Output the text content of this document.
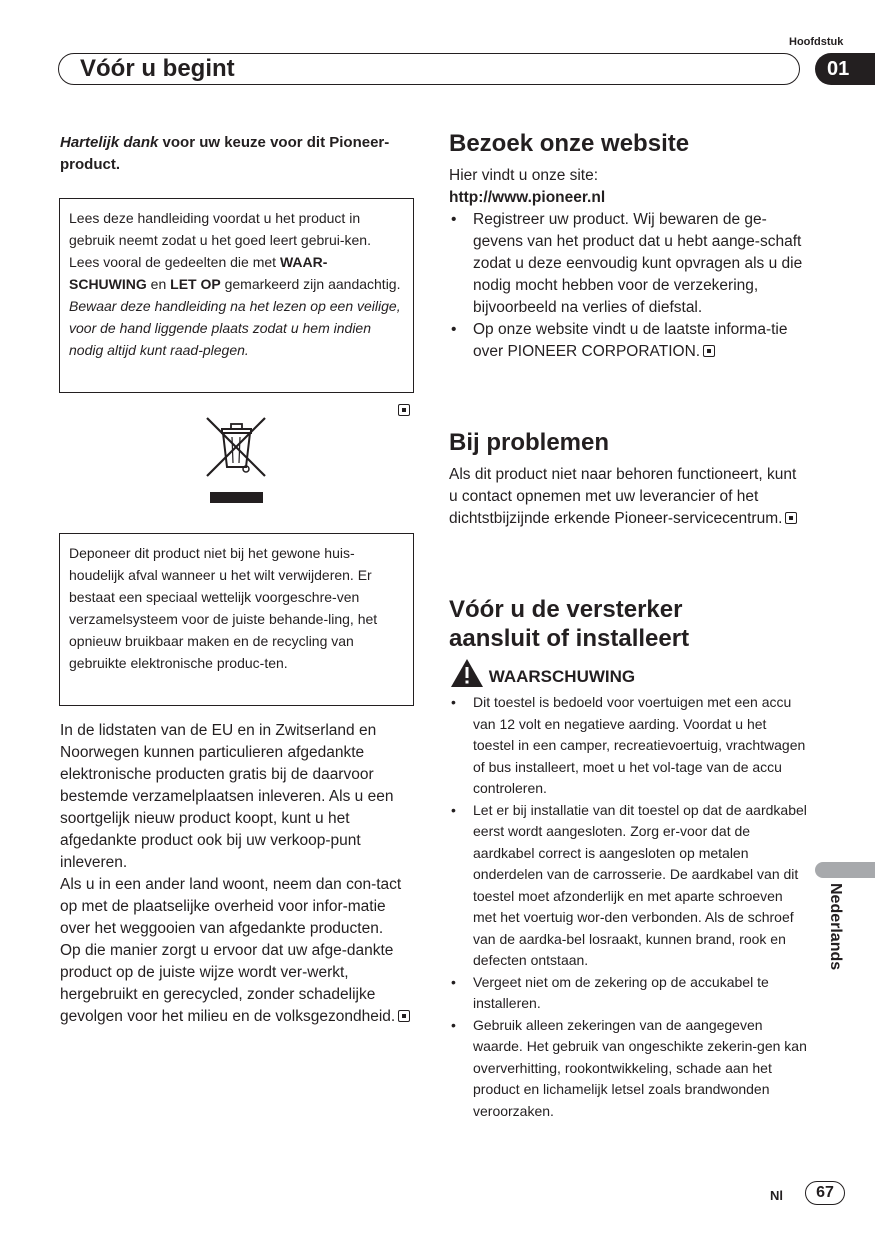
Hoofdstuk
Vóór u begint	01
Hartelijk dank voor uw keuze voor dit Pioneer-product.
Lees deze handleiding voordat u het product in gebruik neemt zodat u het goed leert gebrui-ken. Lees vooral de gedeelten die met WAAR-SCHUWING en LET OP gemarkeerd zijn aandachtig. Bewaar deze handleiding na het lezen op een veilige, voor de hand liggende plaats zodat u hem indien nodig altijd kunt raad-plegen.
Deponeer dit product niet bij het gewone huis-houdelijk afval wanneer u het wilt verwijderen. Er bestaat een speciaal wettelijk voorgeschre-ven verzamelsysteem voor de juiste behande-ling, het opnieuw bruikbaar maken en de recycling van gebruikte elektronische produc-ten.
In de lidstaten van de EU en in Zwitserland en Noorwegen kunnen particulieren afgedankte elektronische producten gratis bij de daarvoor bestemde verzamelplaatsen inleveren. Als u een soortgelijk nieuw product koopt, kunt u het afgedankte product ook bij uw verkoop-punt inleveren.
Als u in een ander land woont, neem dan con-tact op met de plaatselijke overheid voor infor-matie over het weggooien van afgedankte producten.
Op die manier zorgt u ervoor dat uw afge-dankte product op de juiste wijze wordt ver-werkt, hergebruikt en gerecycled, zonder schadelijke gevolgen voor het milieu en de volksgezondheid.
Bezoek onze website
Hier vindt u onze site:
http://www.pioneer.nl
• Registreer uw product. Wij bewaren de ge-gevens van het product dat u hebt aange-schaft zodat u deze eenvoudig kunt opvragen als u die nodig mocht hebben voor de verzekering, bijvoorbeeld na verlies of diefstal.
• Op onze website vindt u de laatste informa-tie over PIONEER CORPORATION.
Bij problemen
Als dit product niet naar behoren functioneert, kunt u contact opnemen met uw leverancier of het dichtstbijzijnde erkende Pioneer-servicecentrum.
Vóór u de versterker
aansluit of installeert
WAARSCHUWING
• Dit toestel is bedoeld voor voertuigen met een accu van 12 volt en negatieve aarding. Voordat u het toestel in een camper, recreatievoertuig, vrachtwagen of bus installeert, moet u het vol-tage van de accu controleren.
• Let er bij installatie van dit toestel op dat de aardkabel eerst wordt aangesloten. Zorg er-voor dat de aardkabel correct is aangesloten op metalen onderdelen van de carrosserie. De aardkabel van dit toestel moet afzonderlijk en met aparte schroeven met het voertuig wor-den verbonden. Als de schroef van de aardka-bel losraakt, kunnen brand, rook en defecten ontstaan.
• Vergeet niet om de zekering op de accukabel te installeren.
• Gebruik alleen zekeringen van de aangegeven waarde. Het gebruik van ongeschikte zekerin-gen kan oververhitting, rookontwikkeling, schade aan het product en lichamelijk letsel zoals brandwonden veroorzaken.
Nederlands
Nl	67
